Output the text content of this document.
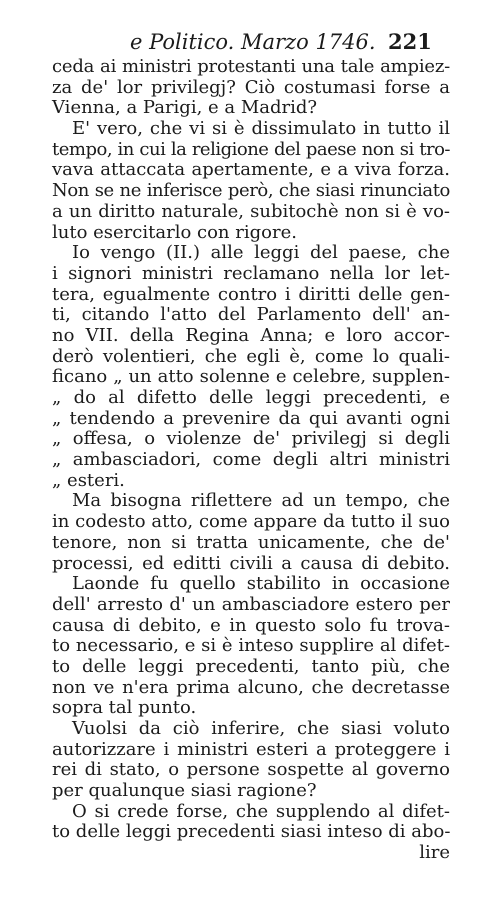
e Politico. Marzo 1746. 221
ceda ai ministri protestanti una tale ampiez-
za de' lor privilegj? Ciò costumasi forse a
Vienna, a Parigi, e a Madrid?
E' vero, che vi si è dissimulato in tutto il
tempo, in cui la religione del paese non si tro-
vava attaccata apertamente, e a viva forza.
Non se ne inferisce però, che siasi rinunciato
a un diritto naturale, subitochè non si è vo-
luto esercitarlo con rigore.
Io vengo (II.) alle leggi del paese, che
i signori ministri reclamano nella lor let-
tera, egualmente contro i diritti delle gen-
ti, citando l'atto del Parlamento dell' an-
no VII. della Regina Anna; e loro accor-
derò volentieri, che egli è, come lo quali-
ficano „ un atto solenne e celebre, supplen-
„ do al difetto delle leggi precedenti, e
„ tendendo a prevenire da qui avanti ogni
„ offesa, o violenze de' privilegj si degli
„ ambasciadori, come degli altri ministri
„ esteri.
Ma bisogna riflettere ad un tempo, che
in codesto atto, come appare da tutto il suo
tenore, non si tratta unicamente, che de'
processi, ed editti civili a causa di debito.
Laonde fu quello stabilito in occasione
dell' arresto d' un ambasciadore estero per
causa di debito, e in questo solo fu trova-
to necessario, e si è inteso supplire al difet-
to delle leggi precedenti, tanto più, che
non ve n'era prima alcuno, che decretasse
sopra tal punto.
Vuolsi da ciò inferire, che siasi voluto
autorizzare i ministri esteri a proteggere i
rei di stato, o persone sospette al governo
per qualunque siasi ragione?
O si crede forse, che supplendo al difet-
to delle leggi precedenti siasi inteso di abo-
lire
